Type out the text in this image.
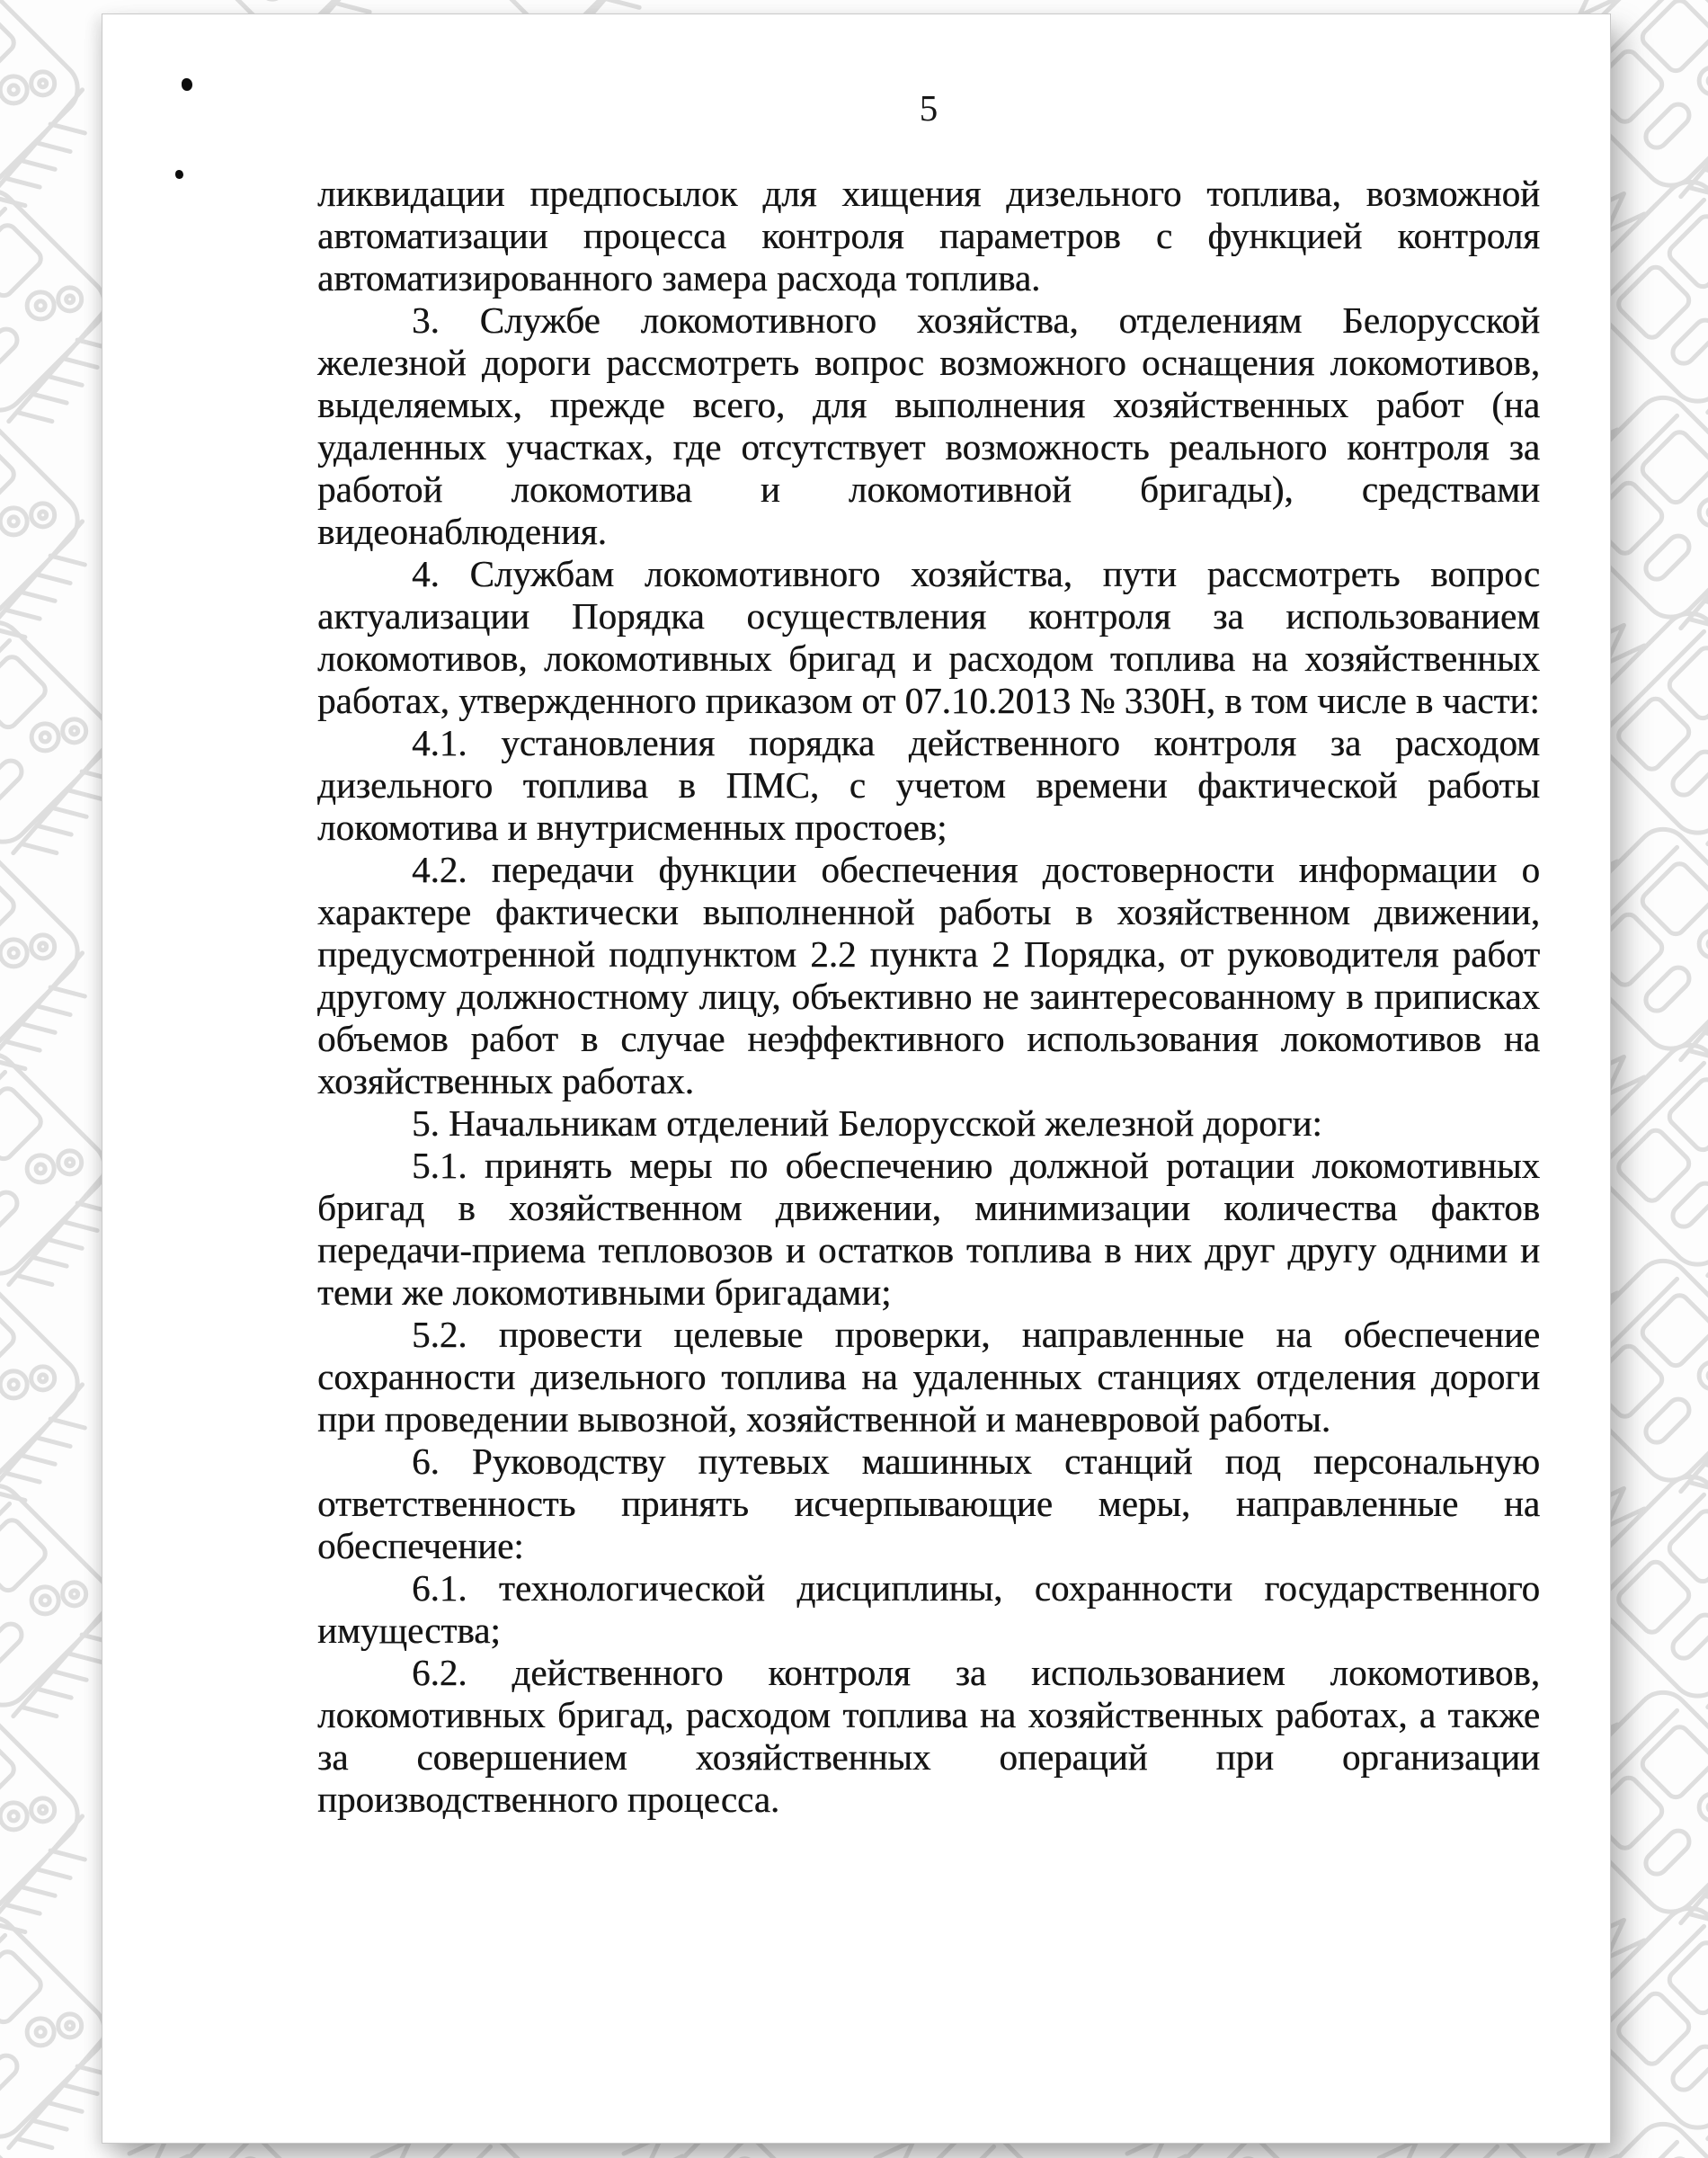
5

ликвидации предпосылок для хищения дизельного топлива, возможной автоматизации процесса контроля параметров с функцией контроля автоматизированного замера расхода топлива.

3. Службе локомотивного хозяйства, отделениям Белорусской железной дороги рассмотреть вопрос возможного оснащения локомотивов, выделяемых, прежде всего, для выполнения хозяйственных работ (на удаленных участках, где отсутствует возможность реального контроля за работой локомотива и локомотивной бригады), средствами видеонаблюдения.

4. Службам локомотивного хозяйства, пути рассмотреть вопрос актуализации Порядка осуществления контроля за использованием локомотивов, локомотивных бригад и расходом топлива на хозяйственных работах, утвержденного приказом от 07.10.2013 № 330Н, в том числе в части:

4.1. установления порядка действенного контроля за расходом дизельного топлива в ПМС, с учетом времени фактической работы локомотива и внутрисменных простоев;

4.2. передачи функции обеспечения достоверности информации о характере фактически выполненной работы в хозяйственном движении, предусмотренной подпунктом 2.2 пункта 2 Порядка, от руководителя работ другому должностному лицу, объективно не заинтересованному в приписках объемов работ в случае неэффективного использования локомотивов на хозяйственных работах.

5. Начальникам отделений Белорусской железной дороги:

5.1. принять меры по обеспечению должной ротации локомотивных бригад в хозяйственном движении, минимизации количества фактов передачи-приема тепловозов и остатков топлива в них друг другу одними и теми же локомотивными бригадами;

5.2. провести целевые проверки, направленные на обеспечение сохранности дизельного топлива на удаленных станциях отделения дороги при проведении вывозной, хозяйственной и маневровой работы.

6. Руководству путевых машинных станций под персональную ответственность принять исчерпывающие меры, направленные на обеспечение:

6.1. технологической дисциплины, сохранности государственного имущества;

6.2. действенного контроля за использованием локомотивов, локомотивных бригад, расходом топлива на хозяйственных работах, а также за совершением хозяйственных операций при организации производственного процесса.
